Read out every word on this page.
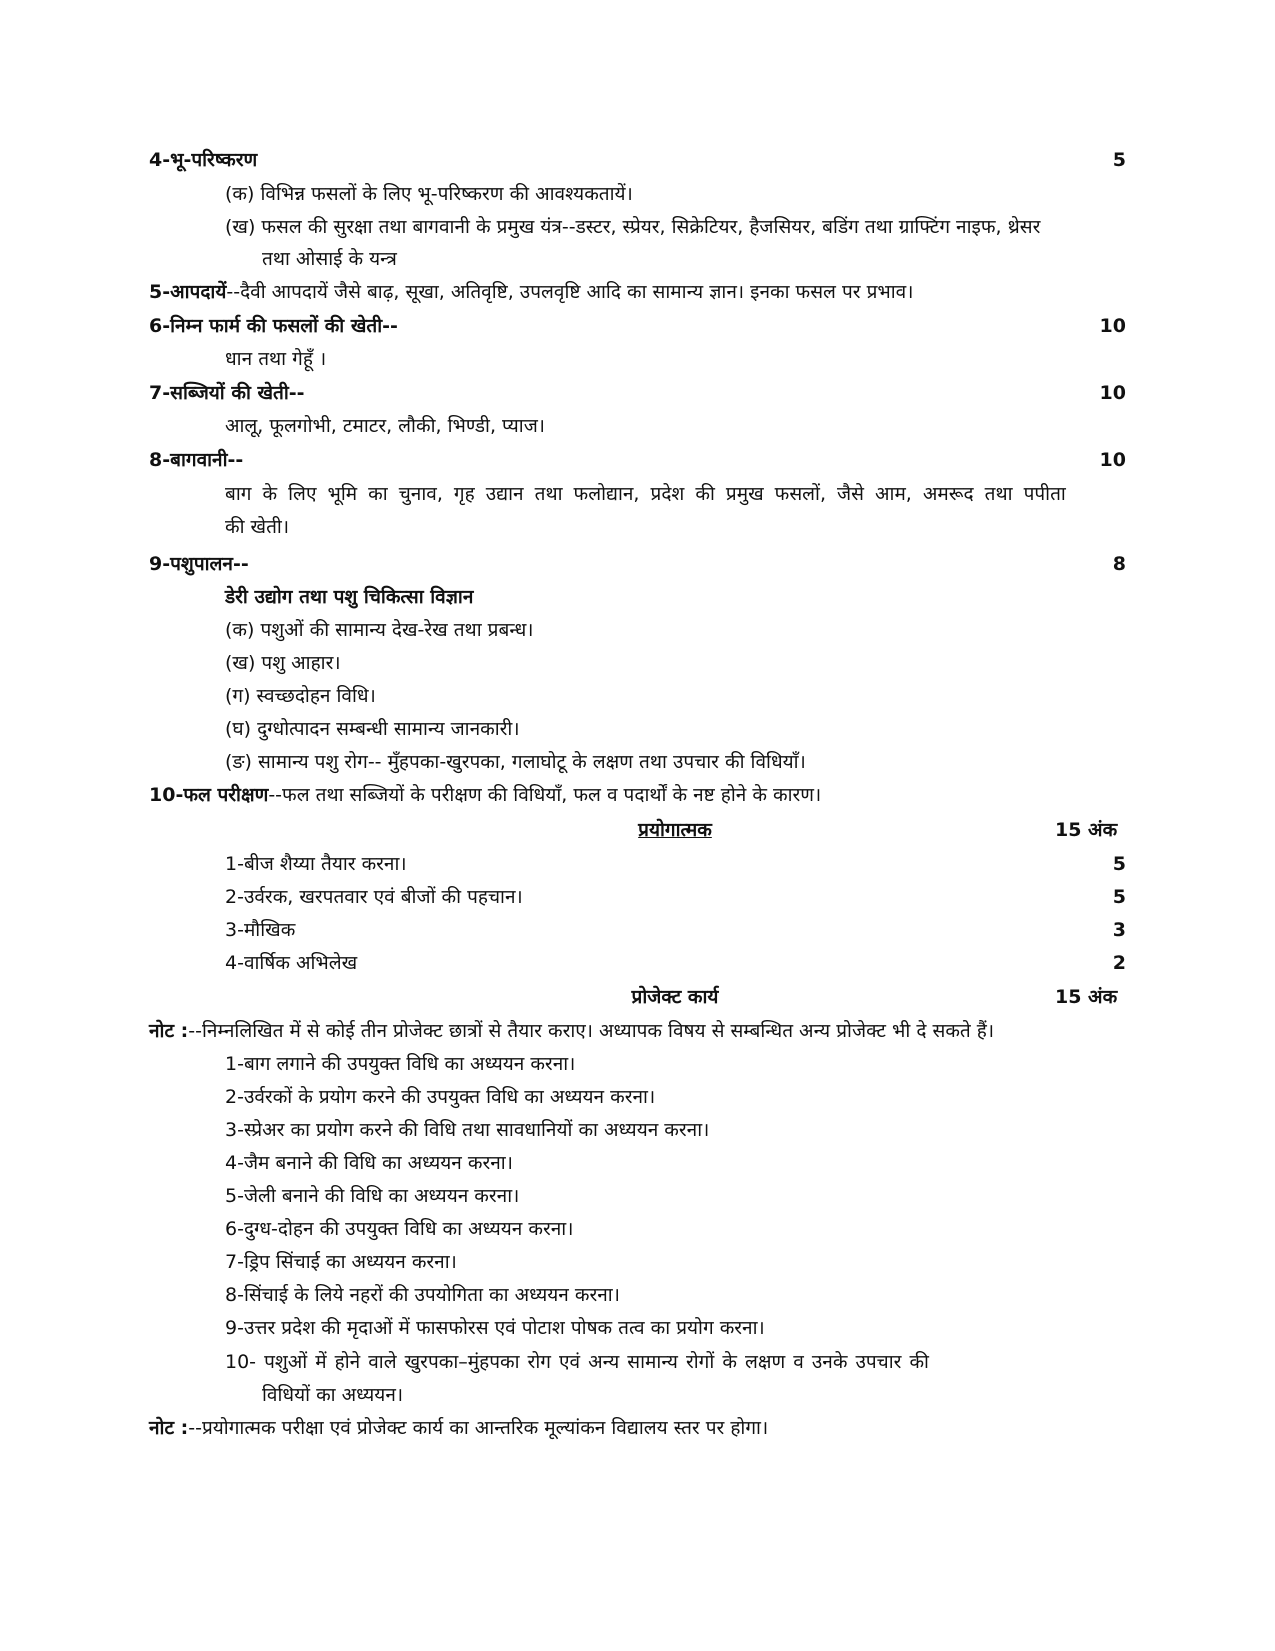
4-भू-परिष्करण	5
(क) विभिन्न फसलों के लिए भू-परिष्करण की आवश्यकतायें।
(ख) फसल की सुरक्षा तथा बागवानी के प्रमुख यंत्र--डस्टर, स्प्रेयर, सिक्रेटियर, हैजसियर, बडिंग तथा ग्राफ्टिंग नाइफ, थ्रेसर
तथा ओसाई के यन्त्र
5-आपदायें--दैवी आपदायें जैसे बाढ़, सूखा, अतिवृष्टि, उपलवृष्टि आदि का सामान्य ज्ञान। इनका फसल पर प्रभाव।
6-निम्न फार्म की फसलों की खेती--	10
धान तथा गेहूँ ।
7-सब्जियों की खेती--	10
आलू, फूलगोभी, टमाटर, लौकी, भिण्डी, प्याज।
8-बागवानी--	10
बाग के लिए भूमि का चुनाव, गृह उद्यान तथा फलोद्यान, प्रदेश की प्रमुख फसलों, जैसे आम, अमरूद तथा पपीता
की खेती।
9-पशुपालन--	8
डेरी उद्योग तथा पशु चिकित्सा विज्ञान
(क) पशुओं की सामान्य देख-रेख तथा प्रबन्ध।
(ख) पशु आहार।
(ग) स्वच्छदोहन विधि।
(घ) दुग्धोत्पादन सम्बन्धी सामान्य जानकारी।
(ङ) सामान्य पशु रोग-- मुँहपका-खुरपका, गलाघोटू के लक्षण तथा उपचार की विधियाँ।
10-फल परीक्षण--फल तथा सब्जियों के परीक्षण की विधियाँ, फल व पदार्थों के नष्ट होने के कारण।
प्रयोगात्मक	15 अंक
1-बीज शैय्या तैयार करना।	5
2-उर्वरक, खरपतवार एवं बीजों की पहचान।	5
3-मौखिक	3
4-वार्षिक अभिलेख	2
प्रोजेक्ट कार्य	15 अंक
नोट :--निम्नलिखित में से कोई तीन प्रोजेक्ट छात्रों से तैयार कराए। अध्यापक विषय से सम्बन्धित अन्य प्रोजेक्ट भी दे सकते हैं।
1-बाग लगाने की उपयुक्त विधि का अध्ययन करना।
2-उर्वरकों के प्रयोग करने की उपयुक्त विधि का अध्ययन करना।
3-स्प्रेअर का प्रयोग करने की विधि तथा सावधानियों का अध्ययन करना।
4-जैम बनाने की विधि का अध्ययन करना।
5-जेली बनाने की विधि का अध्ययन करना।
6-दुग्ध-दोहन की उपयुक्त विधि का अध्ययन करना।
7-ड्रिप सिंचाई का अध्ययन करना।
8-सिंचाई के लिये नहरों की उपयोगिता का अध्ययन करना।
9-उत्तर प्रदेश की मृदाओं में फासफोरस एवं पोटाश पोषक तत्व का प्रयोग करना।
10- पशुओं में होने वाले खुरपका–मुंहपका रोग एवं अन्य सामान्य रोगों के लक्षण व उनके उपचार की
विधियों का अध्ययन।
नोट :--प्रयोगात्मक परीक्षा एवं प्रोजेक्ट कार्य का आन्तरिक मूल्यांकन विद्यालय स्तर पर होगा।
